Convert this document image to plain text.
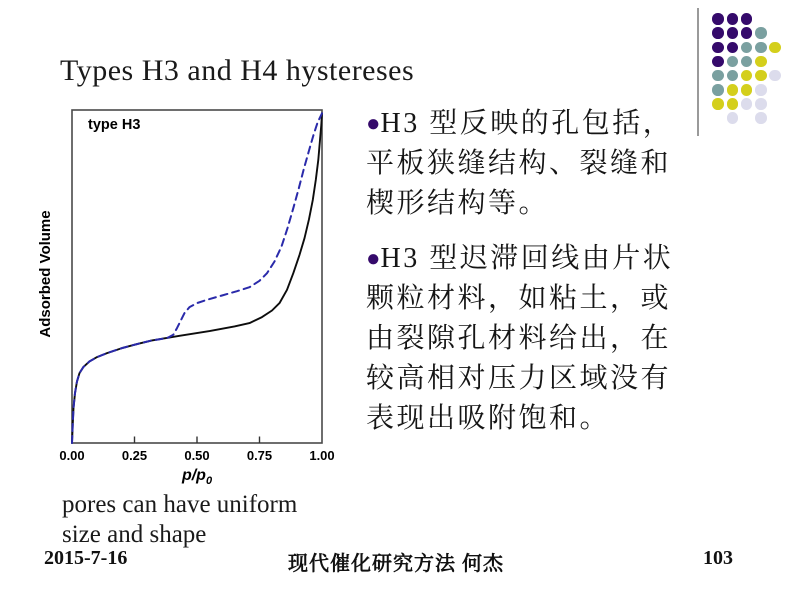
Types H3 and H4 hystereses
type H3
0.00	0.25	0.50	0.75	1.00
Adsorbed Volume
$p/p_0$
●H3 型反映的孔包括，
平板狭缝结构、裂缝和
楔形结构等。
●H3 型迟滞回线由片状
颗粒材料，如粘土，或
由裂隙孔材料给出，在
较高相对压力区域没有
表现出吸附饱和。
pores can have uniform
size and shape
2015-7-16	现代催化研究方法 何杰	103
